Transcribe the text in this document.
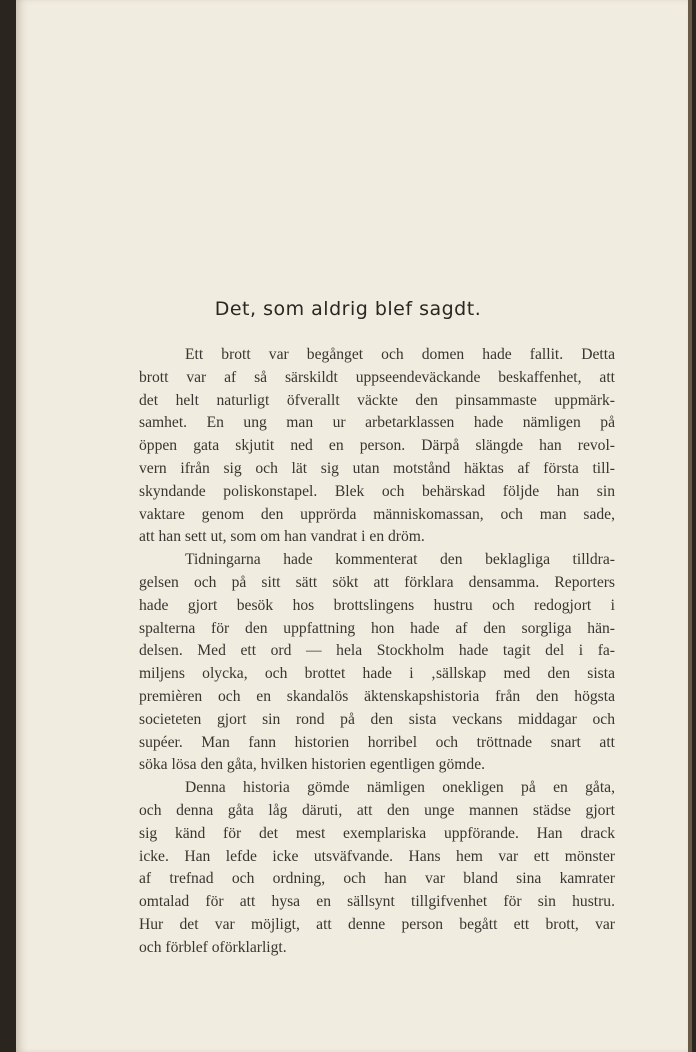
Det, som aldrig blef sagdt.
Ett brott var begånget och domen hade fallit. Detta
brott var af så särskildt uppseendeväckande beskaffenhet, att
det helt naturligt öfverallt väckte den pinsammaste uppmärk-
samhet. En ung man ur arbetarklassen hade nämligen på
öppen gata skjutit ned en person. Därpå slängde han revol-
vern ifrån sig och lät sig utan motstånd häktas af första till-
skyndande poliskonstapel. Blek och behärskad följde han sin
vaktare genom den upprörda människomassan, och man sade,
att han sett ut, som om han vandrat i en dröm.
Tidningarna hade kommenterat den beklagliga tilldra-
gelsen och på sitt sätt sökt att förklara densamma. Reporters
hade gjort besök hos brottslingens hustru och redogjort i
spalterna för den uppfattning hon hade af den sorgliga hän-
delsen. Med ett ord — hela Stockholm hade tagit del i fa-
miljens olycka, och brottet hade i ‚sällskap med den sista
premièren och en skandalös äktenskapshistoria från den högsta
societeten gjort sin rond på den sista veckans middagar och
supéer. Man fann historien horribel och tröttnade snart att
söka lösa den gåta, hvilken historien egentligen gömde.
Denna historia gömde nämligen onekligen på en gåta,
och denna gåta låg däruti, att den unge mannen städse gjort
sig känd för det mest exemplariska uppförande. Han drack
icke. Han lefde icke utsväfvande. Hans hem var ett mönster
af trefnad och ordning, och han var bland sina kamrater
omtalad för att hysa en sällsynt tillgifvenhet för sin hustru.
Hur det var möjligt, att denne person begått ett brott, var
och förblef oförklarligt.
